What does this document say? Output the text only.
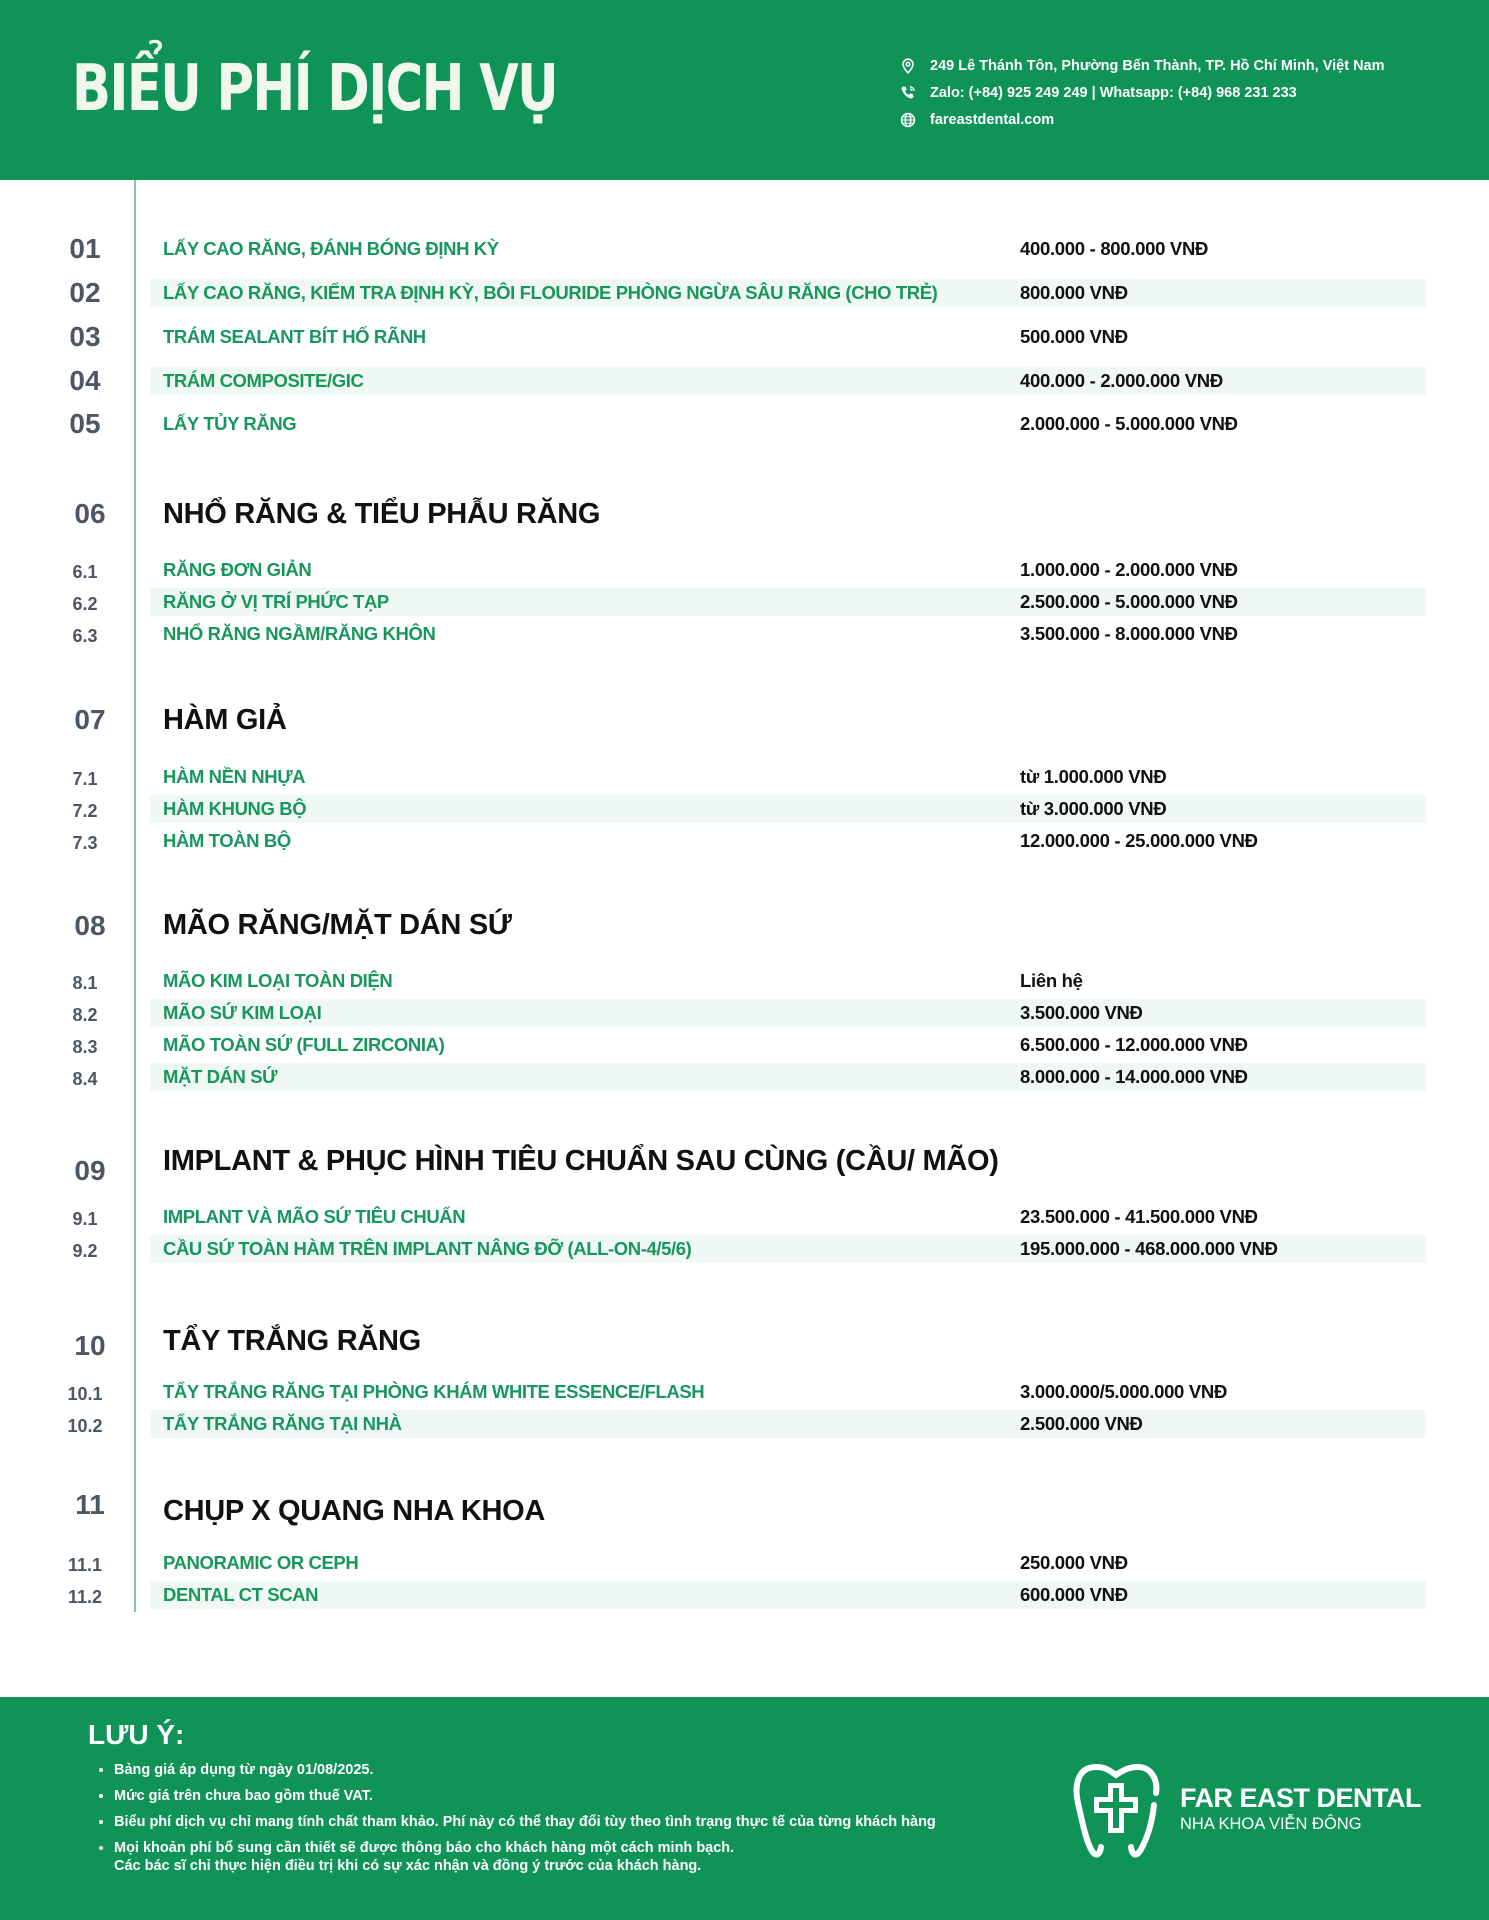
BIỂU PHÍ DỊCH VỤ	249 Lê Thánh Tôn, Phường Bến Thành, TP. Hồ Chí Minh, Việt Nam
Zalo: (+84) 925 249 249 | Whatsapp: (+84) 968 231 233
fareastdental.com
01	LẤY CAO RĂNG, ĐÁNH BÓNG ĐỊNH KỲ	400.000 - 800.000 VNĐ
02	LẤY CAO RĂNG, KIỂM TRA ĐỊNH KỲ, BÔI FLOURIDE PHÒNG NGỪA SÂU RĂNG (CHO TRẺ)	800.000 VNĐ
03	TRÁM SEALANT BÍT HỐ RÃNH	500.000 VNĐ
04	TRÁM COMPOSITE/GIC	400.000 - 2.000.000 VNĐ
05	LẤY TỦY RĂNG	2.000.000 - 5.000.000 VNĐ
06	NHỔ RĂNG & TIỂU PHẪU RĂNG
6.1	RĂNG ĐƠN GIẢN	1.000.000 - 2.000.000 VNĐ
6.2	RĂNG Ở VỊ TRÍ PHỨC TẠP	2.500.000 - 5.000.000 VNĐ
6.3	NHỔ RĂNG NGẦM/RĂNG KHÔN	3.500.000 - 8.000.000 VNĐ
07	HÀM GIẢ
7.1	HÀM NỀN NHỰA	từ 1.000.000 VNĐ
7.2	HÀM KHUNG BỘ	từ 3.000.000 VNĐ
7.3	HÀM TOÀN BỘ	12.000.000 - 25.000.000 VNĐ
08	MÃO RĂNG/MẶT DÁN SỨ
8.1	MÃO KIM LOẠI TOÀN DIỆN	Liên hệ
8.2	MÃO SỨ KIM LOẠI	3.500.000 VNĐ
8.3	MÃO TOÀN SỨ (FULL ZIRCONIA)	6.500.000 - 12.000.000 VNĐ
8.4	MẶT DÁN SỨ	8.000.000 - 14.000.000 VNĐ
09	IMPLANT & PHỤC HÌNH TIÊU CHUẨN SAU CÙNG (CẦU/ MÃO)
9.1	IMPLANT VÀ MÃO SỨ TIÊU CHUẨN	23.500.000 - 41.500.000 VNĐ
9.2	CẦU SỨ TOÀN HÀM TRÊN IMPLANT NÂNG ĐỠ (ALL-ON-4/5/6)	195.000.000 - 468.000.000 VNĐ
10	TẨY TRẮNG RĂNG
10.1	TẨY TRẮNG RĂNG TẠI PHÒNG KHÁM WHITE ESSENCE/FLASH	3.000.000/5.000.000 VNĐ
10.2	TẨY TRẮNG RĂNG TẠI NHÀ	2.500.000 VNĐ
11	CHỤP X QUANG NHA KHOA
11.1	PANORAMIC OR CEPH	250.000 VNĐ
11.2	DENTAL CT SCAN	600.000 VNĐ
LƯU Ý:
• Bảng giá áp dụng từ ngày 01/08/2025.
• Mức giá trên chưa bao gồm thuế VAT.
• Biểu phí dịch vụ chỉ mang tính chất tham khảo. Phí này có thể thay đổi tùy theo tình trạng thực tế của từng khách hàng
• Mọi khoản phí bổ sung cần thiết sẽ được thông báo cho khách hàng một cách minh bạch.
Các bác sĩ chỉ thực hiện điều trị khi có sự xác nhận và đồng ý trước của khách hàng.
FAR EAST DENTAL
NHA KHOA VIỄN ĐÔNG
